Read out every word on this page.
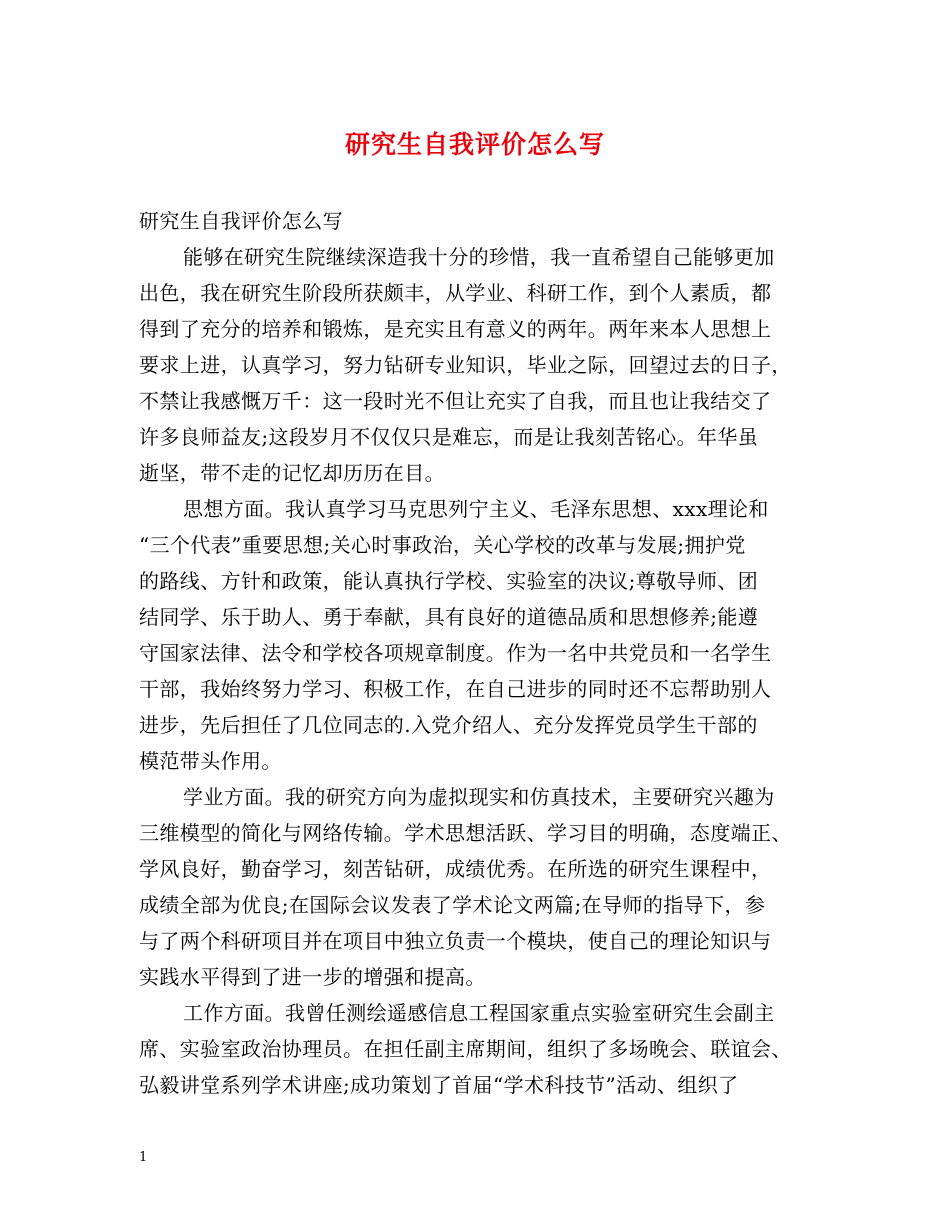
研究生自我评价怎么写
研究生自我评价怎么写
能够在研究生院继续深造我十分的珍惜，我一直希望自己能够更加
出色，我在研究生阶段所获颇丰，从学业、科研工作，到个人素质，都
得到了充分的培养和锻炼，是充实且有意义的两年。两年来本人思想上
要求上进，认真学习，努力钻研专业知识，毕业之际，回望过去的日子，
不禁让我感慨万千：这一段时光不但让充实了自我，而且也让我结交了
许多良师益友;这段岁月不仅仅只是难忘，而是让我刻苦铭心。年华虽
逝坚，带不走的记忆却历历在目。
思想方面。我认真学习马克思列宁主义、毛泽东思想、xxx理论和
“三个代表”重要思想;关心时事政治，关心学校的改革与发展;拥护党
的路线、方针和政策，能认真执行学校、实验室的决议;尊敬导师、团
结同学、乐于助人、勇于奉献，具有良好的道德品质和思想修养;能遵
守国家法律、法令和学校各项规章制度。作为一名中共党员和一名学生
干部，我始终努力学习、积极工作，在自己进步的同时还不忘帮助别人
进步，先后担任了几位同志的.入党介绍人、充分发挥党员学生干部的
模范带头作用。
学业方面。我的研究方向为虚拟现实和仿真技术，主要研究兴趣为
三维模型的简化与网络传输。学术思想活跃、学习目的明确，态度端正、
学风良好，勤奋学习，刻苦钻研，成绩优秀。在所选的研究生课程中，
成绩全部为优良;在国际会议发表了学术论文两篇;在导师的指导下，参
与了两个科研项目并在项目中独立负责一个模块，使自己的理论知识与
实践水平得到了进一步的增强和提高。
工作方面。我曾任测绘遥感信息工程国家重点实验室研究生会副主
席、实验室政治协理员。在担任副主席期间，组织了多场晚会、联谊会、
弘毅讲堂系列学术讲座;成功策划了首届“学术科技节”活动、组织了
1
